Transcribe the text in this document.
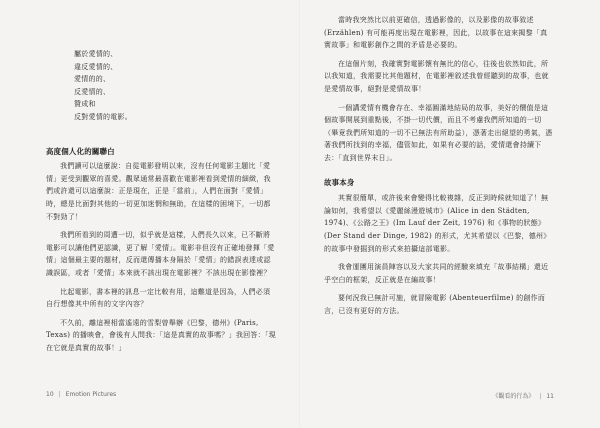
屬於愛情的、

違反愛情的、

愛情的的、

反愛情的、

贊成和

反對愛情的電影。

高度個人化的關聯白

我們讀可以這麼說：自從電影發明以來，沒有任何電影主題比「愛情」更受到觀眾的喜愛。觀眾通常最喜歡在電影裡看到愛情的細緻，我們或許還可以這麼說：正是現在，正是「當前」，人們在面對「愛情」時，總是比面對其他的一切更加迷惘和無助，在這樣的困境下，一切都不對勁了！

我們所看到的周遭一切，似乎就是這樣，人們長久以來，已不斷將電影可以讓他們更認識，更了解「愛情」。電影非但沒有正確地發揮「愛情」這個最主要的題材，反而還傳播本身隔於「愛情」的錯誤表達或認識誤區，或者「愛情」本來就不該出現在電影裡？不該出現在影像裡？

比起電影，書本裡的訊息一定比較有用，這難道是因為，人們必須自行想像其中所有的文字內容？

不久前，離這裡相當遙遠的雪梨曾舉辦《巴黎，德州》(Paris, Texas) 的播映會，會後有人問我：「這是真實的故事嗎？」我回答：「現在它就是真實的故事！」

10 | Emotion Pictures

當時我突然比以前更確信，透過影像的，以及影像的故事敘述 (Erzählen) 有可能再度出現在電影裡，因此，以故事在這來揭黎「真實故事」和電影創作之間的矛盾是必要的。

在這個片刻，我確實對電影懷有無比的信心，往後也依然如此，所以我知道，我需要比其他題材，在電影裡敘述我曾經聽到的故事，也就是愛情故事，絕對是愛情故事！

一個講愛情有機會存在、幸福圓滿地結局的故事，美好的價值是這個故事開展到重點後，不掛一切代價，而且不考慮我們所知道的一切（畢竟我們所知道的一切不已無法有所助益），憑著走出絕望的勇氣，憑著我們所找到的幸福，儘管如此，如果有必要的話，愛情還會持續下去：「直到世界末日」。

故事本身

其實很簡單，或許後來會變得比較複雜，反正到時候就知道了！無論如何，我希望以《愛麗絲漫遊城市》(Alice in den Städten, 1974)、《公路之王》(Im Lauf der Zeit, 1976) 和《事物的狀態》(Der Stand der Dinge, 1982) 的形式，尤其希望以《巴黎，德州》的故事中發掘到的形式來拍攝這部電影。

我會運團用演員陣容以及大家共同的經驗來填充「故事結構」還近乎空白的框架，反正就是在編故事！

要何況我已無計可施，就冒險電影 (Abenteuerfilme) 的創作而言，已沒有更好的方法。

《觀看的行為》 | 11
